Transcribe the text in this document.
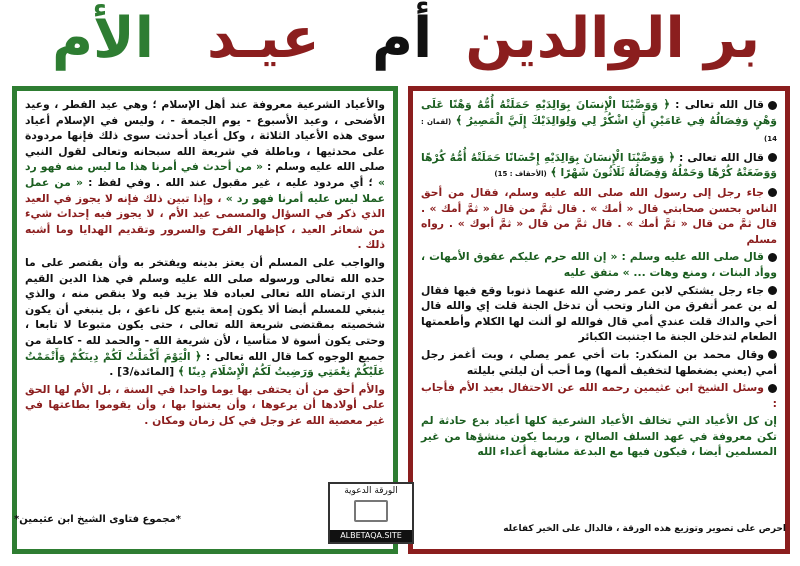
بر الوالدين
أم
عيـد
الأم

قال الله تعالى : ﴿ وَوَصَّيْنَا الْإِنسَانَ بِوَالِدَيْهِ حَمَلَتْهُ أُمُّهُ وَهْنًا عَلَى وَهْنٍ وَفِصَالُهُ فِي عَامَيْنِ أَنِ اشْكُرْ لِي وَلِوَالِدَيْكَ إِلَيَّ الْمَصِيرُ ﴾ (لقمان : 14)

قال الله تعالى : ﴿ وَوَصَّيْنَا الْإِنسَانَ بِوَالِدَيْهِ إِحْسَانًا حَمَلَتْهُ أُمُّهُ كُرْهًا وَوَضَعَتْهُ كُرْهًا وَحَمْلُهُ وَفِصَالُهُ ثَلَاثُونَ شَهْرًا ﴾ (الأحقاف : 15)

جاء رجل إلى رسول الله صلى الله عليه وسلم، فقال من أحق الناس بحسن صحابتي قال « أمك » . قال ثمَّ من قال « ثمَّ أمك » . قال ثمَّ من قال « ثمَّ أمك » . قال ثمَّ من قال « ثمَّ أبوك » . رواه مسلم

قال صلى الله عليه وسلم : « إن الله حرم عليكم عقوق الأمهات ، ووأد البنات ، ومنع وهات ... » متفق عليه

جاء رجل يشتكي لابن عمر رضي الله عنهما ذنوبا وقع فيها فقال له بن عمر أتفرق من النار وتحب أن تدخل الجنة قلت إي والله قال أحي والداك قلت عندي أمي قال فوالله لو ألنت لها الكلام وأطعمتها الطعام لتدخلن الجنة ما اجتنبت الكبائر

وقال محمد بن المنكدر: بات أخي عمر يصلي ، وبت أغمز رجل أمي (يعني يضغطها لتخفيف ألمها) وما أحب أن ليلتي بليلته

وسئل الشيخ ابن عثيمين رحمه الله عن الاحتفال بعيد الأم فأجاب :

إن كل الأعياد التي تخالف الأعياد الشرعية كلها أعياد بدع حادثة لم تكن معروفة في عهد السلف الصالح ، وربما يكون منشؤها من غير المسلمين أيضا ، فيكون فيها مع البدعة مشابهة أعداء الله

والأعياد الشرعية معروفة عند أهل الإسلام ؛ وهي عيد الفطر ، وعيد الأضحى ، وعيد الأسبوع - يوم الجمعة - ، وليس في الإسلام أعياد سوى هذه الأعياد الثلاثة ، وكل أعياد أحدثت سوى ذلك فإنها مردودة على محدثيها ، وباطلة في شريعة الله سبحانه وتعالى لقول النبي صلى الله عليه وسلم : « من أحدث في أمرنا هذا ما ليس منه فهو رد » ؛ أي مردود عليه ، غير مقبول عند الله . وفي لفظ : « من عمل عملا ليس عليه أمرنا فهو رد » ، وإذا تبين ذلك فإنه لا يجوز في العيد الذي ذكر في السؤال والمسمى عيد الأم ، لا يجوز فيه إحداث شيء من شعائر العيد ، كإظهار الفرح والسرور وتقديم الهدايا وما أشبه ذلك .

والواجب على المسلم أن يعتز بدينه ويفتخر به وأن يقتصر على ما حده الله تعالى ورسوله صلى الله عليه وسلم في هذا الدين القيم الذي ارتضاه الله تعالى لعباده فلا يزيد فيه ولا ينقص منه ، والذي ينبغي للمسلم أيضا ألا يكون إمعة يتبع كل ناعق ، بل ينبغي أن يكون شخصيته بمقتضى شريعة الله تعالى ، حتى يكون متبوعا لا تابعا ، وحتى يكون أسوة لا متأسيا ، لأن شريعة الله - والحمد لله - كاملة من جميع الوجوه كما قال الله تعالى : ﴿ الْيَوْمَ أَكْمَلْتُ لَكُمْ دِينَكُمْ وَأَتْمَمْتُ عَلَيْكُمْ نِعْمَتِي وَرَضِيتُ لَكُمُ الْإِسْلَامَ دِينًا ﴾ [المائدة/3] .

والأم أحق من أن يحتفى بها يوما واحدا في السنة ، بل الأم لها الحق على أولادها أن يرعوها ، وأن يعتنوا بها ، وأن يقوموا بطاعتها في غير معصية الله عز وجل في كل زمان ومكان .

*مجموع فتاوى الشيخ ابن عثيمين*
الورقة الدعوية
ALBETAQA.SITE
احرص على تصوير وتوزيع هذه الورقة ، فالدال على الخير كفاعله
